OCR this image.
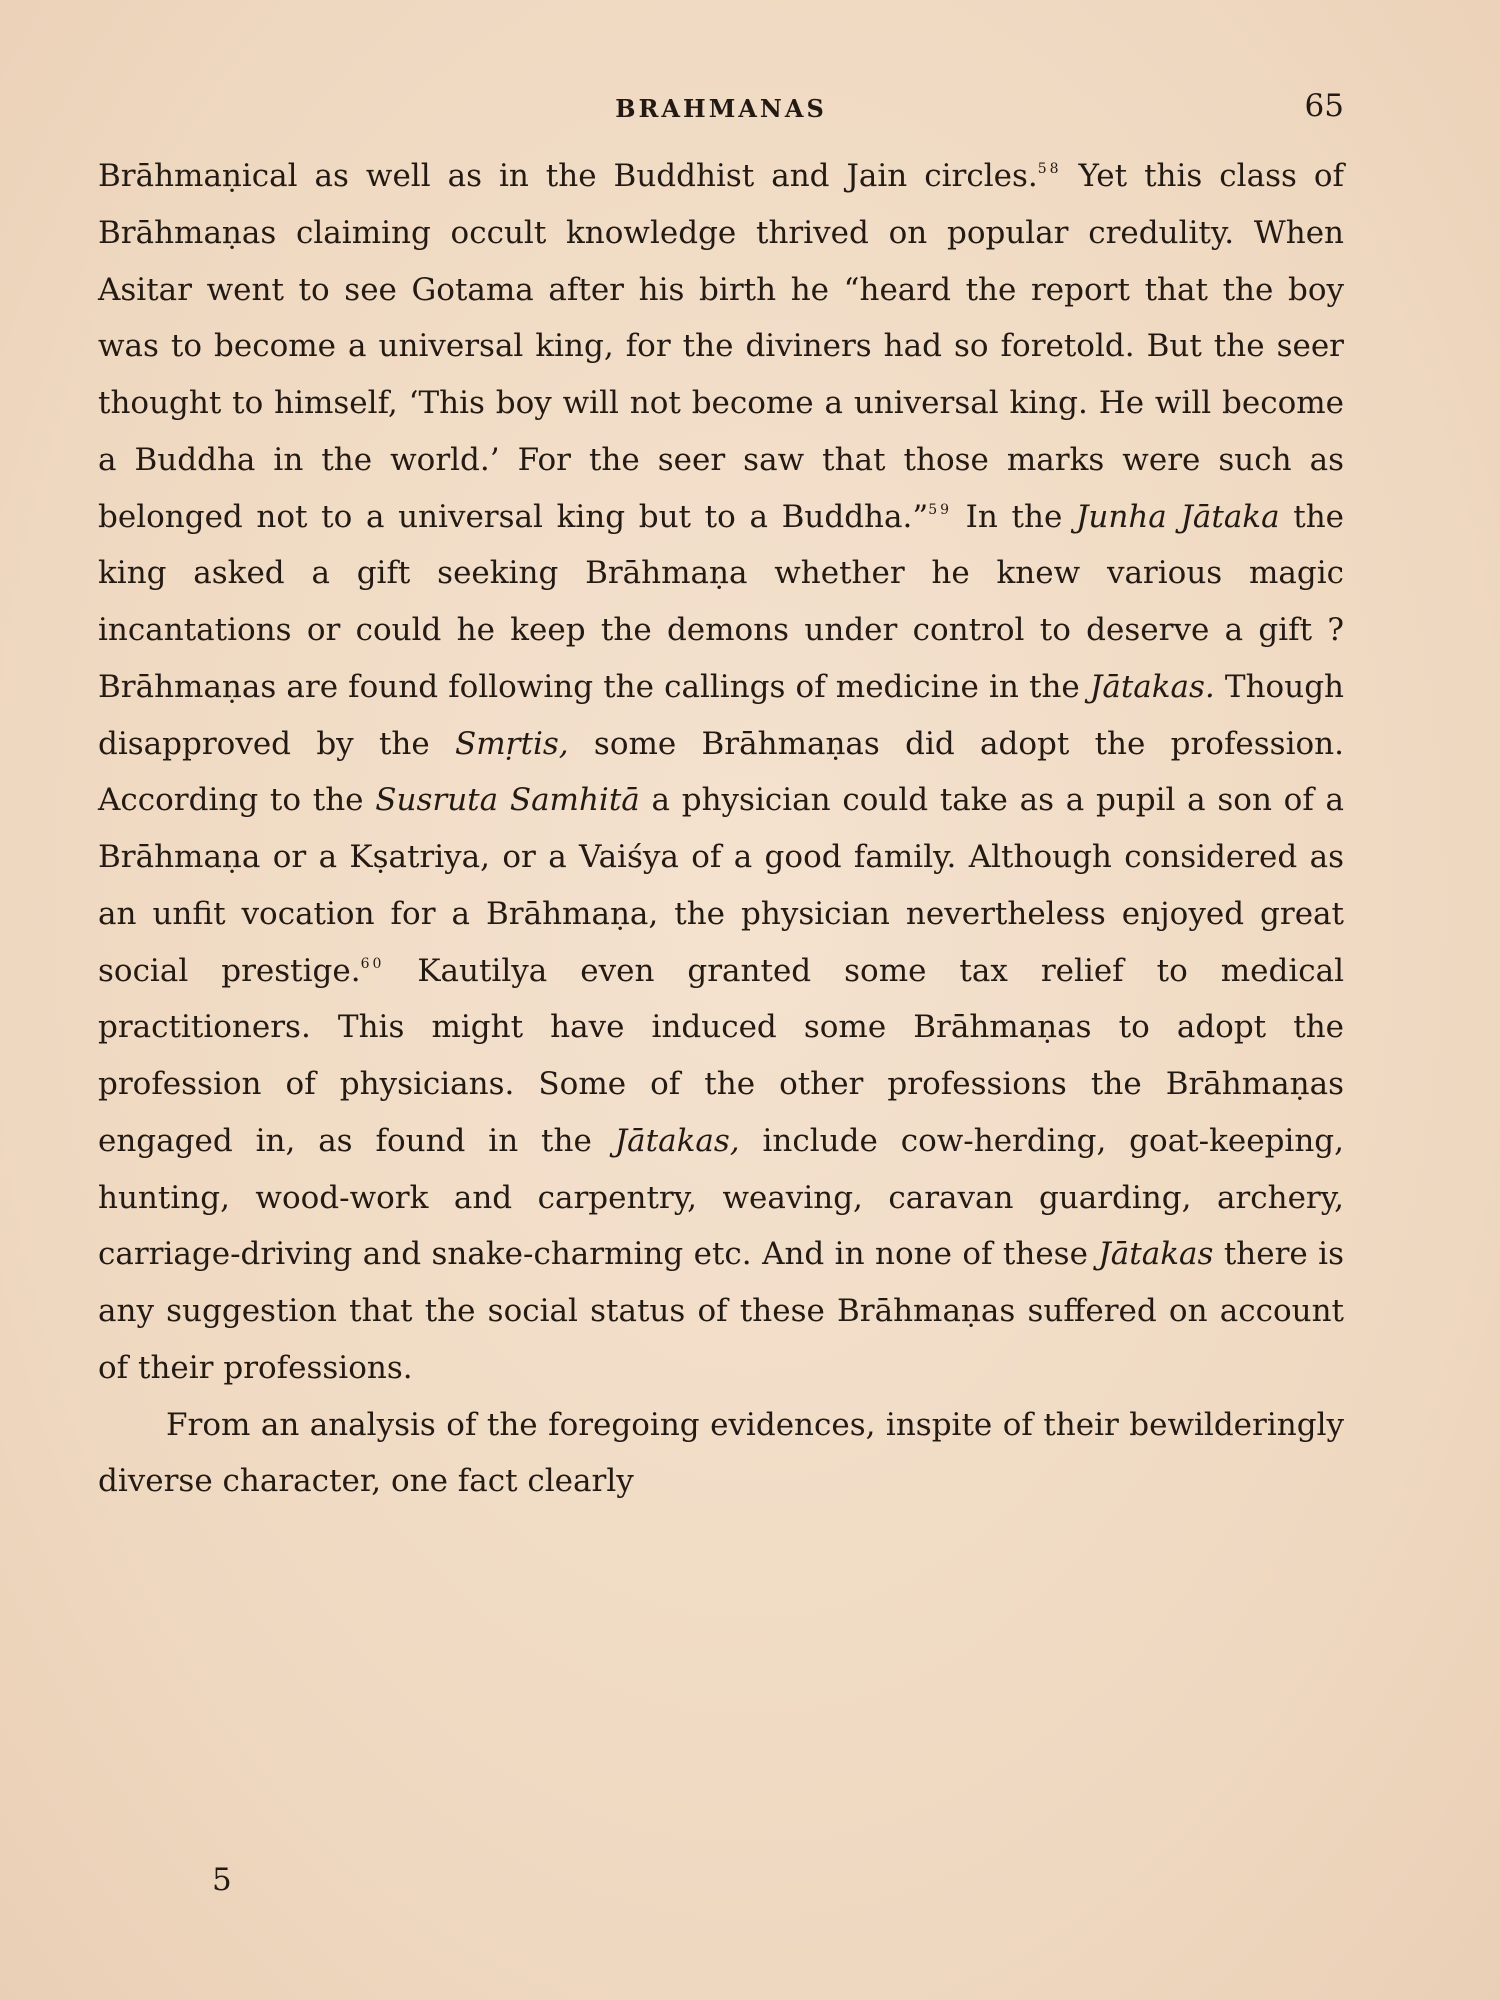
BRAHMANAS	65

Brāhmaṇical as well as in the Buddhist and Jain circles.$^{58}$ Yet this class of Brāhmaṇas claiming occult knowledge thrived on popular credulity. When Asitar went to see Gotama after his birth he “heard the report that the boy was to become a universal king, for the diviners had so foretold. But the seer thought to himself, ‘This boy will not become a universal king. He will become a Buddha in the world.’ For the seer saw that those marks were such as belonged not to a universal king but to a Buddha.”$^{59}$ In the Junha Jātaka the king asked a gift seeking Brāhmaṇa whether he knew various magic incantations or could he keep the demons under control to deserve a gift ? Brāhmaṇas are found following the callings of medicine in the Jātakas. Though disapproved by the Smṛtis, some Brāhmaṇas did adopt the profession. According to the Susruta Samhitā a physician could take as a pupil a son of a Brāhmaṇa or a Kṣatriya, or a Vaiśya of a good family. Although considered as an unfit vocation for a Brāhmaṇa, the physician nevertheless enjoyed great social prestige.$^{60}$ Kautilya even granted some tax relief to medical practitioners. This might have induced some Brāhmaṇas to adopt the profession of physicians. Some of the other professions the Brāhmaṇas engaged in, as found in the Jātakas, include cow-herding, goat-keeping, hunting, wood-work and carpentry, weaving, caravan guarding, archery, carriage-driving and snake-charming etc. And in none of these Jātakas there is any suggestion that the social status of these Brāhmaṇas suffered on account of their professions.

From an analysis of the foregoing evidences, inspite of their bewilderingly diverse character, one fact clearly

5
